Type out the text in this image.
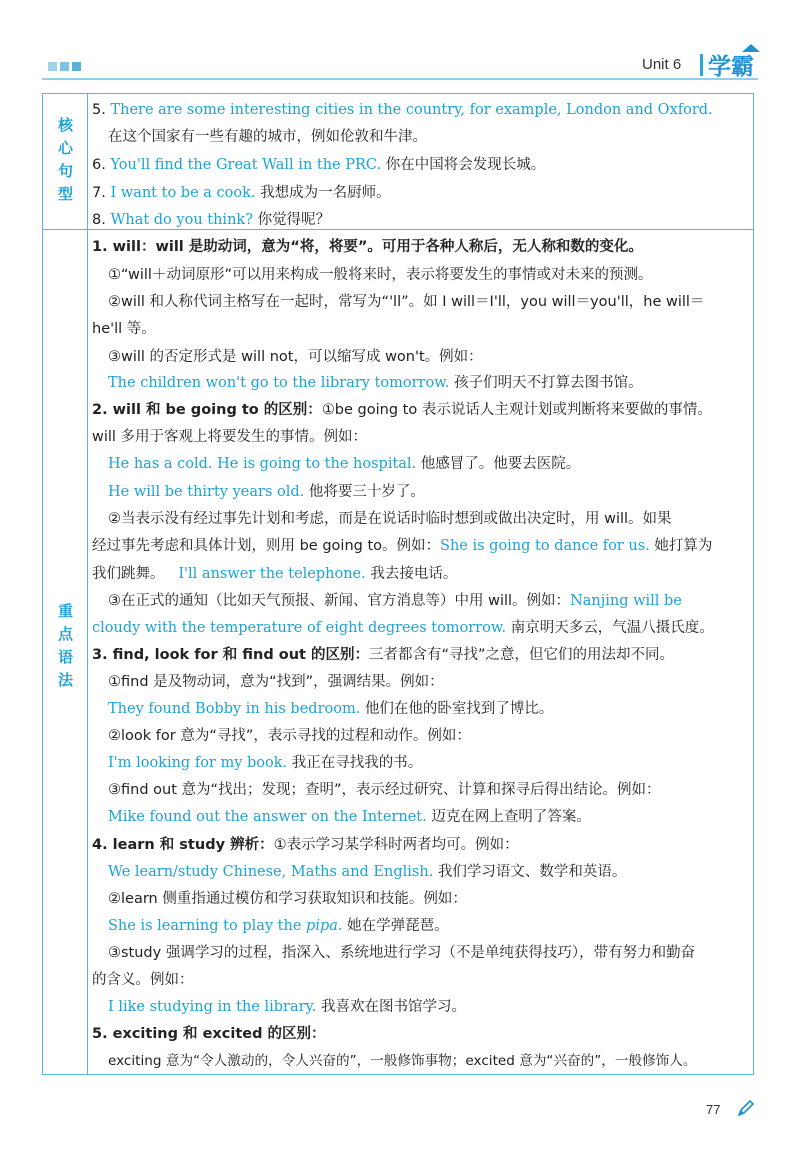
Unit 6 学霸
核
心
句
型
重
点
语
法
5. There are some interesting cities in the country, for example, London and Oxford.
在这个国家有一些有趣的城市，例如伦敦和牛津。
6. You'll find the Great Wall in the PRC. 你在中国将会发现长城。
7. I want to be a cook. 我想成为一名厨师。
8. What do you think? 你觉得呢？
1. will：will 是助动词，意为“将，将要”。可用于各种人称后，无人称和数的变化。
①“will＋动词原形”可以用来构成一般将来时，表示将要发生的事情或对未来的预测。
②will 和人称代词主格写在一起时，常写为“'ll”。如 I will＝I'll，you will＝you'll，he will＝
he'll 等。
③will 的否定形式是 will not，可以缩写成 won't。例如：
The children won't go to the library tomorrow. 孩子们明天不打算去图书馆。
2. will 和 be going to 的区别：①be going to 表示说话人主观计划或判断将来要做的事情。
will 多用于客观上将要发生的事情。例如：
He has a cold. He is going to the hospital. 他感冒了。他要去医院。
He will be thirty years old. 他将要三十岁了。
②当表示没有经过事先计划和考虑，而是在说话时临时想到或做出决定时，用 will。如果
经过事先考虑和具体计划，则用 be going to。例如：She is going to dance for us. 她打算为
我们跳舞。 I'll answer the telephone. 我去接电话。
③在正式的通知（比如天气预报、新闻、官方消息等）中用 will。例如：Nanjing will be
cloudy with the temperature of eight degrees tomorrow. 南京明天多云，气温八摄氏度。
3. find, look for 和 find out 的区别：三者都含有“寻找”之意，但它们的用法却不同。
①find 是及物动词，意为“找到”，强调结果。例如：
They found Bobby in his bedroom. 他们在他的卧室找到了博比。
②look for 意为“寻找”，表示寻找的过程和动作。例如：
I'm looking for my book. 我正在寻找我的书。
③find out 意为“找出；发现；查明”，表示经过研究、计算和探寻后得出结论。例如：
Mike found out the answer on the Internet. 迈克在网上查明了答案。
4. learn 和 study 辨析：①表示学习某学科时两者均可。例如：
We learn/study Chinese, Maths and English. 我们学习语文、数学和英语。
②learn 侧重指通过模仿和学习获取知识和技能。例如：
She is learning to play the pipa. 她在学弹琵琶。
③study 强调学习的过程，指深入、系统地进行学习（不是单纯获得技巧），带有努力和勤奋
的含义。例如：
I like studying in the library. 我喜欢在图书馆学习。
5. exciting 和 excited 的区别：
exciting 意为“令人激动的，令人兴奋的”，一般修饰事物；excited 意为“兴奋的”，一般修饰人。
77
